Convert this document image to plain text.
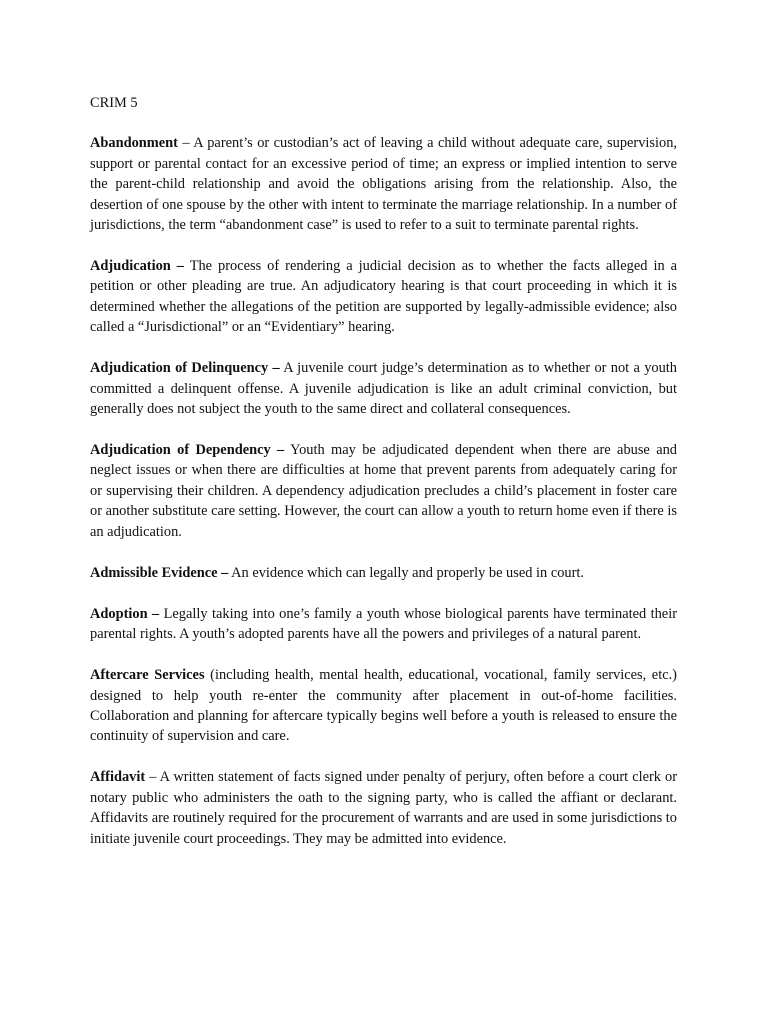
CRIM 5

Abandonment – A parent’s or custodian’s act of leaving a child without adequate care, supervision, support or parental contact for an excessive period of time; an express or implied intention to serve the parent-child relationship and avoid the obligations arising from the relationship. Also, the desertion of one spouse by the other with intent to terminate the marriage relationship. In a number of jurisdictions, the term “abandonment case” is used to refer to a suit to terminate parental rights.

Adjudication – The process of rendering a judicial decision as to whether the facts alleged in a petition or other pleading are true. An adjudicatory hearing is that court proceeding in which it is determined whether the allegations of the petition are supported by legally-admissible evidence; also called a “Jurisdictional” or an “Evidentiary” hearing.

Adjudication of Delinquency – A juvenile court judge’s determination as to whether or not a youth committed a delinquent offense. A juvenile adjudication is like an adult criminal conviction, but generally does not subject the youth to the same direct and collateral consequences.

Adjudication of Dependency – Youth may be adjudicated dependent when there are abuse and neglect issues or when there are difficulties at home that prevent parents from adequately caring for or supervising their children. A dependency adjudication precludes a child’s placement in foster care or another substitute care setting. However, the court can allow a youth to return home even if there is an adjudication.

Admissible Evidence – An evidence which can legally and properly be used in court.

Adoption – Legally taking into one’s family a youth whose biological parents have terminated their parental rights. A youth’s adopted parents have all the powers and privileges of a natural parent.

Aftercare Services (including health, mental health, educational, vocational, family services, etc.) designed to help youth re-enter the community after placement in out-of-home facilities. Collaboration and planning for aftercare typically begins well before a youth is released to ensure the continuity of supervision and care.

Affidavit – A written statement of facts signed under penalty of perjury, often before a court clerk or notary public who administers the oath to the signing party, who is called the affiant or declarant. Affidavits are routinely required for the procurement of warrants and are used in some jurisdictions to initiate juvenile court proceedings. They may be admitted into evidence.
